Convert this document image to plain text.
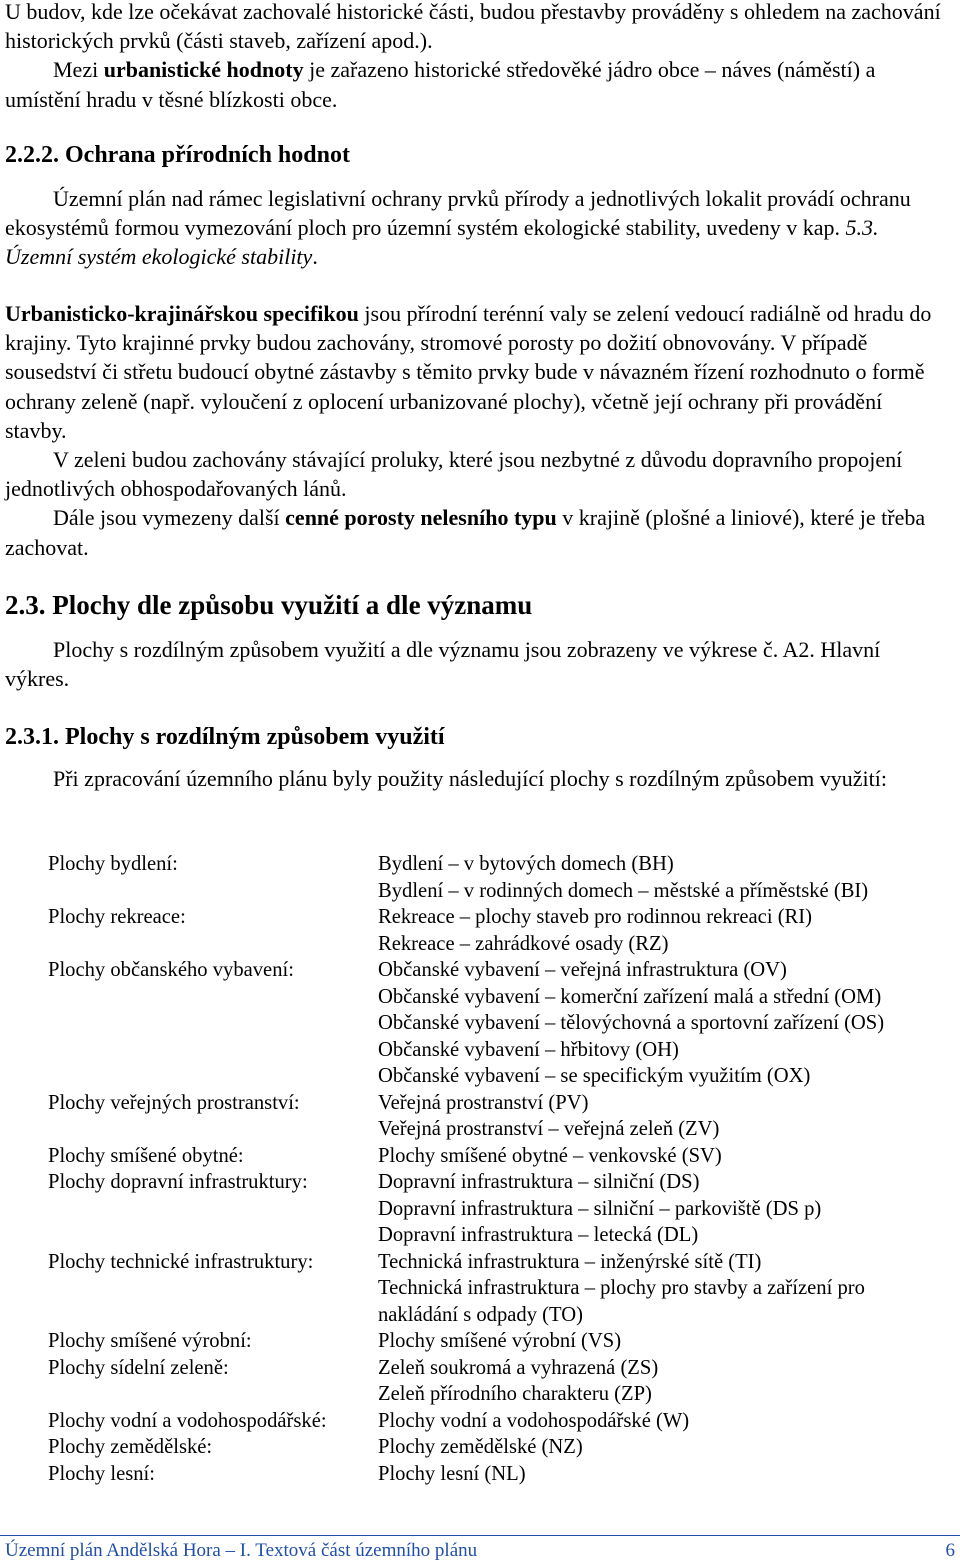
U budov, kde lze očekávat zachovalé historické části, budou přestavby prováděny s ohledem na zachování historických prvků (části staveb, zařízení apod.).
Mezi urbanistické hodnoty je zařazeno historické středověké jádro obce – náves (náměstí) a umístění hradu v těsné blízkosti obce.

2.2.2. Ochrana přírodních hodnot

Územní plán nad rámec legislativní ochrany prvků přírody a jednotlivých lokalit provádí ochranu ekosystémů formou vymezování ploch pro územní systém ekologické stability, uvedeny v kap. 5.3. Územní systém ekologické stability.

Urbanisticko-krajinářskou specifikou jsou přírodní terénní valy se zelení vedoucí radiálně od hradu do krajiny. Tyto krajinné prvky budou zachovány, stromové porosty po dožití obnovovány. V případě sousedství či střetu budoucí obytné zástavby s těmito prvky bude v návazném řízení rozhodnuto o formě ochrany zeleně (např. vyloučení z oplocení urbanizované plochy), včetně její ochrany při provádění stavby.
V zeleni budou zachovány stávající proluky, které jsou nezbytné z důvodu dopravního propojení jednotlivých obhospodařovaných lánů.
Dále jsou vymezeny další cenné porosty nelesního typu v krajině (plošné a liniové), které je třeba zachovat.

2.3. Plochy dle způsobu využití a dle významu

Plochy s rozdílným způsobem využití a dle významu jsou zobrazeny ve výkrese č. A2. Hlavní výkres.

2.3.1. Plochy s rozdílným způsobem využití

Při zpracování územního plánu byly použity následující plochy s rozdílným způsobem využití:

Plochy bydlení:	Bydlení – v bytových domech (BH)
Bydlení – v rodinných domech – městské a příměstské (BI)
Plochy rekreace:	Rekreace – plochy staveb pro rodinnou rekreaci (RI)
Rekreace – zahrádkové osady (RZ)
Plochy občanského vybavení:	Občanské vybavení – veřejná infrastruktura (OV)
Občanské vybavení – komerční zařízení malá a střední (OM)
Občanské vybavení – tělovýchovná a sportovní zařízení (OS)
Občanské vybavení – hřbitovy (OH)
Občanské vybavení – se specifickým využitím (OX)
Plochy veřejných prostranství:	Veřejná prostranství (PV)
Veřejná prostranství – veřejná zeleň (ZV)
Plochy smíšené obytné:	Plochy smíšené obytné – venkovské (SV)
Plochy dopravní infrastruktury:	Dopravní infrastruktura – silniční (DS)
Dopravní infrastruktura – silniční – parkoviště (DS p)
Dopravní infrastruktura – letecká (DL)
Plochy technické infrastruktury:	Technická infrastruktura – inženýrské sítě (TI)
Technická infrastruktura – plochy pro stavby a zařízení pro nakládání s odpady (TO)
Plochy smíšené výrobní:	Plochy smíšené výrobní (VS)
Plochy sídelní zeleně:	Zeleň soukromá a vyhrazená (ZS)
Zeleň přírodního charakteru (ZP)
Plochy vodní a vodohospodářské:	Plochy vodní a vodohospodářské (W)
Plochy zemědělské:	Plochy zemědělské (NZ)
Plochy lesní:	Plochy lesní (NL)
Územní plán Andělská Hora – I. Textová část územního plánu	6
